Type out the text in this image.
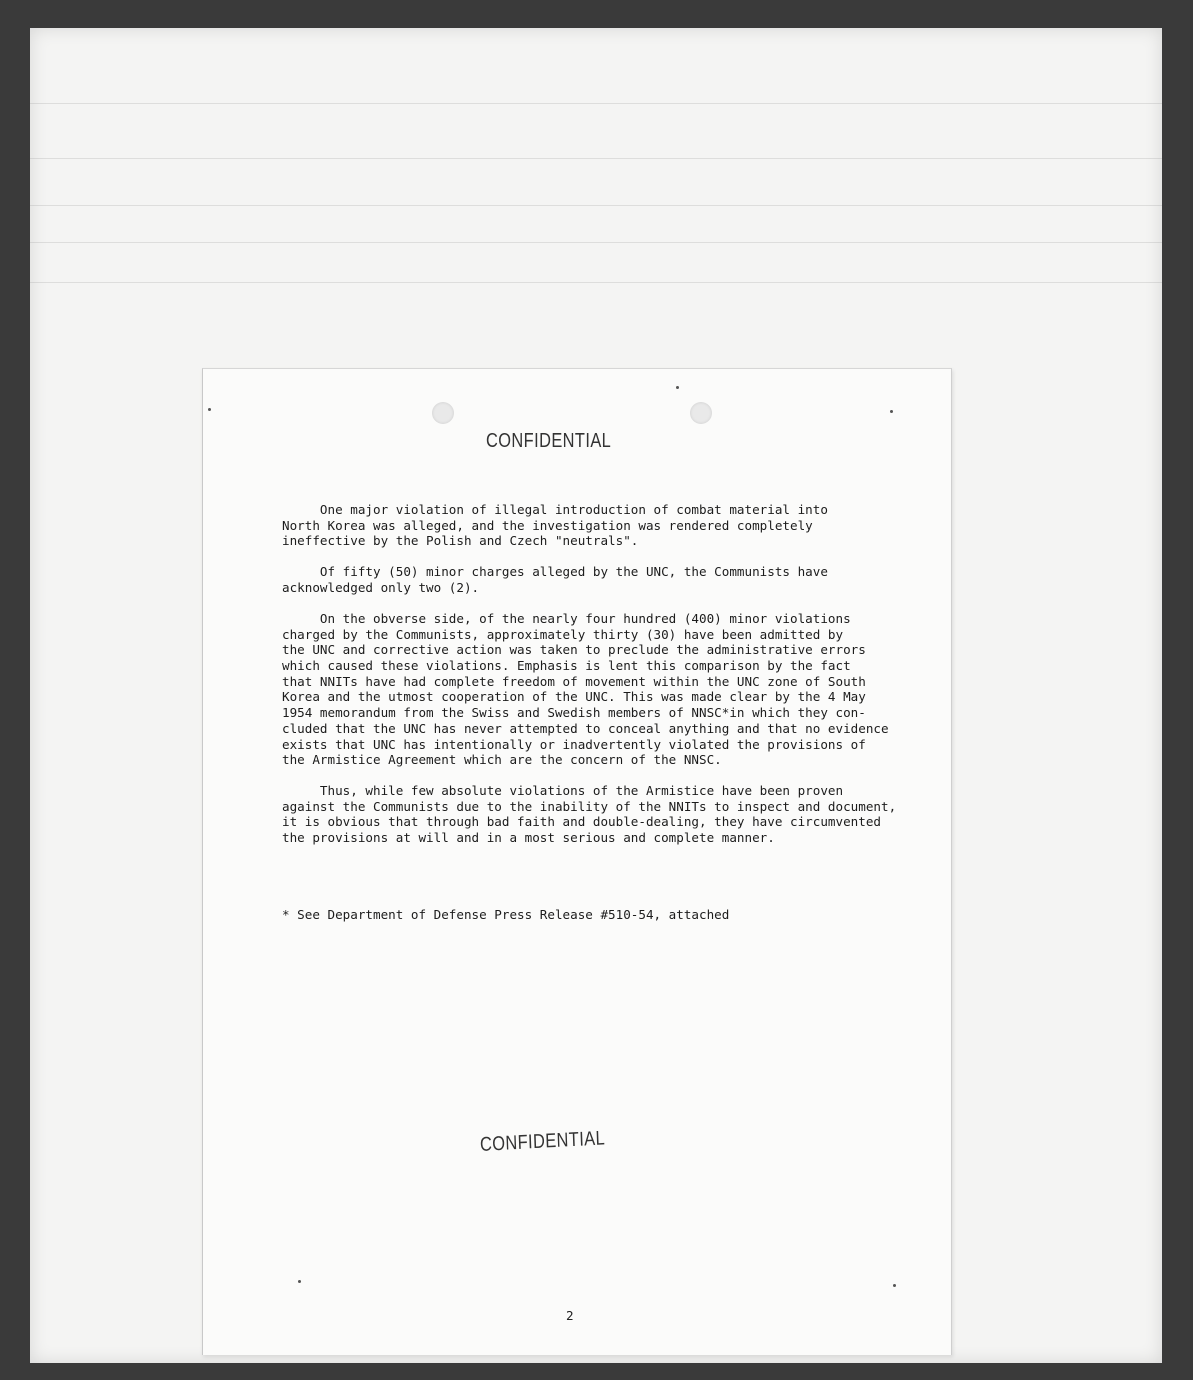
CONFIDENTIAL
One major violation of illegal introduction of combat material into
North Korea was alleged, and the investigation was rendered completely
ineffective by the Polish and Czech "neutrals".
Of fifty (50) minor charges alleged by the UNC, the Communists have
acknowledged only two (2).
On the obverse side, of the nearly four hundred (400) minor violations
charged by the Communists, approximately thirty (30) have been admitted by
the UNC and corrective action was taken to preclude the administrative errors
which caused these violations. Emphasis is lent this comparison by the fact
that NNITs have had complete freedom of movement within the UNC zone of South
Korea and the utmost cooperation of the UNC. This was made clear by the 4 May
1954 memorandum from the Swiss and Swedish members of NNSC*in which they con-
cluded that the UNC has never attempted to conceal anything and that no evidence
exists that UNC has intentionally or inadvertently violated the provisions of
the Armistice Agreement which are the concern of the NNSC.
Thus, while few absolute violations of the Armistice have been proven
against the Communists due to the inability of the NNITs to inspect and document,
it is obvious that through bad faith and double-dealing, they have circumvented
the provisions at will and in a most serious and complete manner.
* See Department of Defense Press Release #510-54, attached
CONFIDENTIAL
2
